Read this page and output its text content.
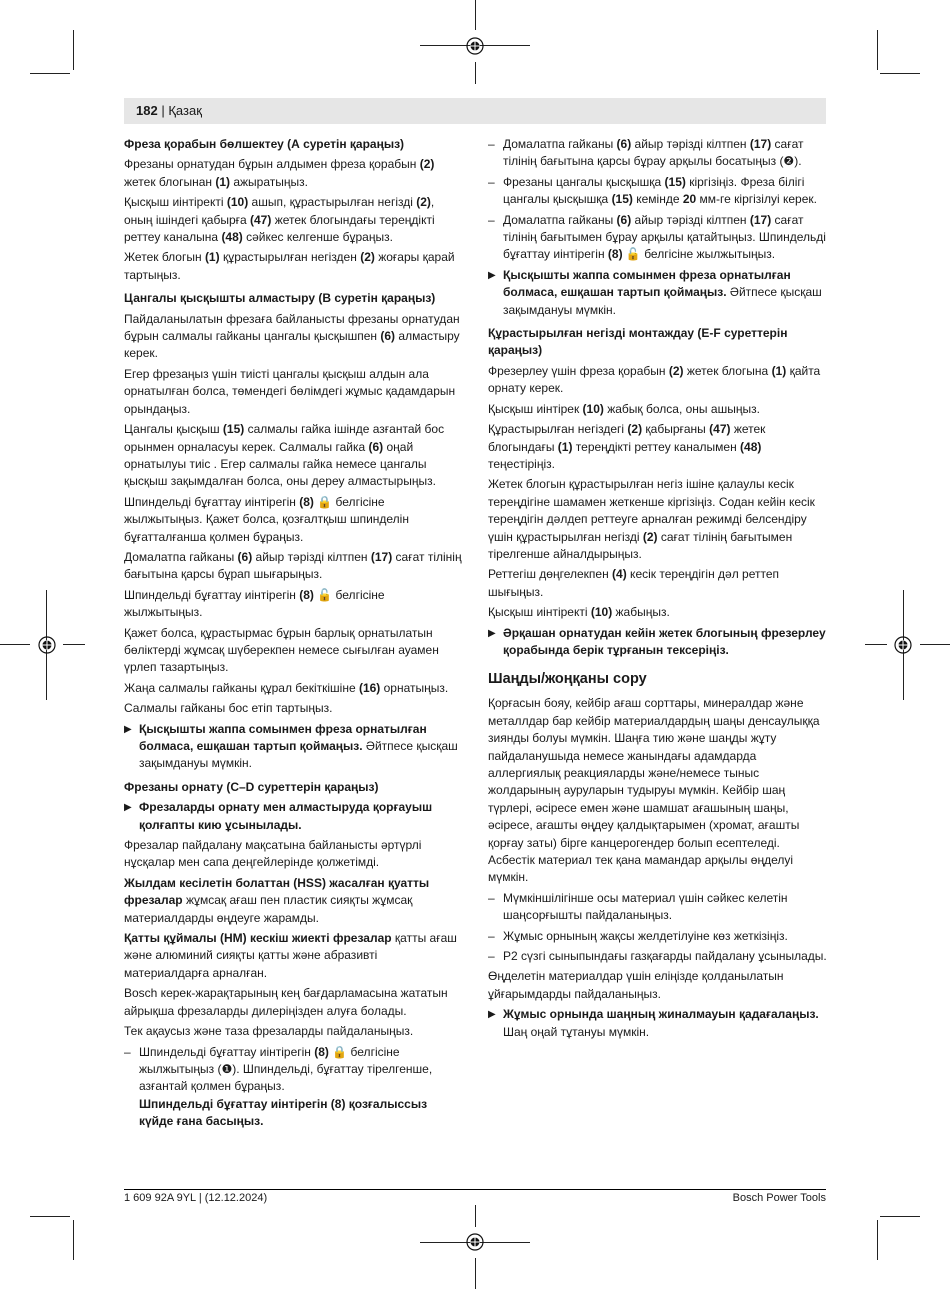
182 | Қазақ

Фреза қорабын бөлшектеу (А суретін қараңыз)

Фрезаны орнатудан бұрын алдымен фреза қорабын (2) жетек блогынан (1) ажыратыңыз.

Қысқыш иінтіректі (10) ашып, құрастырылған негізді (2), оның ішіндегі қабырға (47) жетек блогындағы тереңдікті реттеу каналына (48) сәйкес келгенше бұраңыз.

Жетек блогын (1) құрастырылған негізден (2) жоғары қарай тартыңыз.

Цангалы қысқышты алмастыру (B суретін қараңыз)

Пайдаланылатын фрезаға байланысты фрезаны орнатудан бұрын салмалы гайканы цангалы қысқышпен (6) алмастыру керек.

Егер фрезаңыз үшін тиісті цангалы қысқыш алдын ала орнатылған болса, төмендегі бөлімдегі жұмыс қадамдарын орындаңыз.

Цангалы қысқыш (15) салмалы гайка ішінде азғантай бос орынмен орналасуы керек. Салмалы гайка (6) оңай орнатылуы тиіс . Егер салмалы гайка немесе цангалы қысқыш зақымдалған болса, оны дереу алмастырыңыз.

Шпиндельді бұғаттау иінтірегін (8) 🔒 белгісіне жылжытыңыз. Қажет болса, қозғалтқыш шпинделін бұғатталғанша қолмен бұраңыз.

Домалатпа гайканы (6) айыр тәрізді кілтпен (17) сағат тілінің бағытына қарсы бұрап шығарыңыз.

Шпиндельді бұғаттау иінтірегін (8) 🔓 белгісіне жылжытыңыз.

Қажет болса, құрастырмас бұрын барлық орнатылатын бөліктерді жұмсақ шүберекпен немесе сығылған ауамен үрлеп тазартыңыз.

Жаңа салмалы гайканы құрал бекіткішіне (16) орнатыңыз.

Салмалы гайканы бос етіп тартыңыз.

▶ Қысқышты жаппа сомынмен фреза орнатылған болмаса, ешқашан тартып қоймаңыз. Әйтпесе қысқаш зақымдануы мүмкін.

Фрезаны орнату (C–D суреттерін қараңыз)

▶ Фрезаларды орнату мен алмастыруда қорғауыш қолғапты кию ұсынылады.

Фрезалар пайдалану мақсатына байланысты әртүрлі нұсқалар мен сапа деңгейлерінде қолжетімді.

Жылдам кесілетін болаттан (HSS) жасалған қуатты фрезалар жұмсақ ағаш пен пластик сияқты жұмсақ материалдарды өңдеуге жарамды.

Қатты құймалы (HM) кескіш жиекті фрезалар қатты ағаш және алюминий сияқты қатты және абразивті материалдарға арналған.

Bosch керек-жарақтарының кең бағдарламасына жататын айрықша фрезаларды дилеріңізден алуға болады.

Тек ақаусыз және таза фрезаларды пайдаланыңыз.

– Шпиндельді бұғаттау иінтірегін (8) 🔒 белгісіне жылжытыңыз (❶). Шпиндельді, бұғаттау тірелгенше, азғантай қолмен бұраңыз.
Шпиндельді бұғаттау иінтірегін (8) қозғалыссыз күйде ғана басыңыз.

– Домалатпа гайканы (6) айыр тәрізді кілтпен (17) сағат тілінің бағытына қарсы бұрау арқылы босатыңыз (❷).

– Фрезаны цангалы қысқышқа (15) кіргізіңіз. Фреза білігі цангалы қысқышқа (15) кемінде 20 мм-ге кіргізілуі керек.

– Домалатпа гайканы (6) айыр тәрізді кілтпен (17) сағат тілінің бағытымен бұрау арқылы қатайтыңыз. Шпиндельді бұғаттау иінтірегін (8) 🔓 белгісіне жылжытыңыз.

▶ Қысқышты жаппа сомынмен фреза орнатылған болмаса, ешқашан тартып қоймаңыз. Әйтпесе қысқаш зақымдануы мүмкін.

Құрастырылған негізді монтаждау (E-F суреттерін қараңыз)

Фрезерлеу үшін фреза қорабын (2) жетек блогына (1) қайта орнату керек.

Қысқыш иінтірек (10) жабық болса, оны ашыңыз.

Құрастырылған негіздегі (2) қабырғаны (47) жетек блогындағы (1) тереңдікті реттеу каналымен (48) теңестіріңіз.

Жетек блогын құрастырылған негіз ішіне қалаулы кесік тереңдігіне шамамен жеткенше кіргізіңіз. Содан кейін кесік тереңдігін дәлдеп реттеуге арналған режимді белсендіру үшін құрастырылған негізді (2) сағат тілінің бағытымен тірелгенше айналдырыңыз.

Реттегіш дөңгелекпен (4) кесік тереңдігін дәл реттеп шығыңыз.

Қысқыш иінтіректі (10) жабыңыз.

▶ Әрқашан орнатудан кейін жетек блогының фрезерлеу қорабында берік тұрғанын тексеріңіз.

Шаңды/жоңқаны сору

Қорғасын бояу, кейбір ағаш сорттары, минералдар және металлдар бар кейбір материалдардың шаңы денсаулыққа зиянды болуы мүмкін. Шаңға тию және шаңды жұту пайдаланушыда немесе жанындағы адамдарда аллергиялық реакцияларды және/немесе тыныс жолдарының ауруларын тудыруы мүмкін. Кейбір шаң түрлері, әсіресе емен және шамшат ағашының шаңы, әсіресе, ағашты өңдеу қалдықтарымен (хромат, ағашты қорғау заты) бірге канцерогендер болып есептеледі. Асбестік материал тек қана мамандар арқылы өңделуі мүмкін.

– Мүмкіншілігінше осы материал үшін сәйкес келетін шаңсорғышты пайдаланыңыз.

– Жұмыс орнының жақсы желдетілуіне көз жеткізіңіз.

– P2 сүзгі сыныпындағы газқағарды пайдалану ұсынылады.

Өңделетін материалдар үшін еліңізде қолданылатын ұйғарымдарды пайдаланыңыз.

▶ Жұмыс орнында шаңның жиналмауын қадағалаңыз. Шаң оңай тұтануы мүмкін.

1 609 92A 9YL | (12.12.2024)	Bosch Power Tools
